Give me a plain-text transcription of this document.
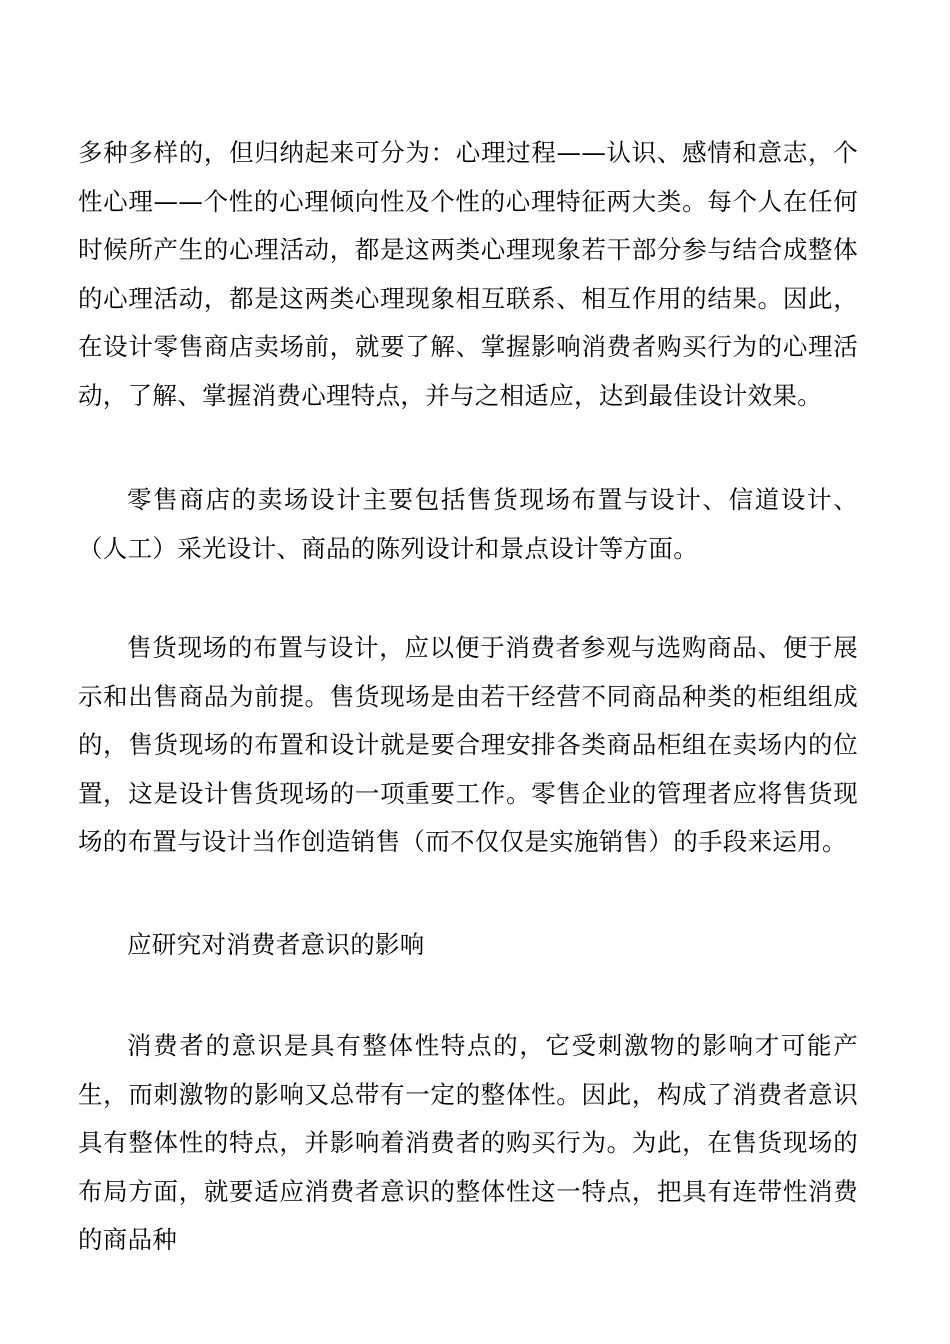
多种多样的，但归纳起来可分为：心理过程——认识、感情和意志，个性心理——个性的心理倾向性及个性的心理特征两大类。每个人在任何时候所产生的心理活动，都是这两类心理现象若干部分参与结合成整体的心理活动，都是这两类心理现象相互联系、相互作用的结果。因此，在设计零售商店卖场前，就要了解、掌握影响消费者购买行为的心理活动，了解、掌握消费心理特点，并与之相适应，达到最佳设计效果。

零售商店的卖场设计主要包括售货现场布置与设计、信道设计、（人工）采光设计、商品的陈列设计和景点设计等方面。

售货现场的布置与设计，应以便于消费者参观与选购商品、便于展示和出售商品为前提。售货现场是由若干经营不同商品种类的柜组组成的，售货现场的布置和设计就是要合理安排各类商品柜组在卖场内的位置，这是设计售货现场的一项重要工作。零售企业的管理者应将售货现场的布置与设计当作创造销售（而不仅仅是实施销售）的手段来运用。

应研究对消费者意识的影响

消费者的意识是具有整体性特点的，它受刺激物的影响才可能产生，而刺激物的影响又总带有一定的整体性。因此，构成了消费者意识具有整体性的特点，并影响着消费者的购买行为。为此，在售货现场的布局方面，就要适应消费者意识的整体性这一特点，把具有连带性消费的商品种
